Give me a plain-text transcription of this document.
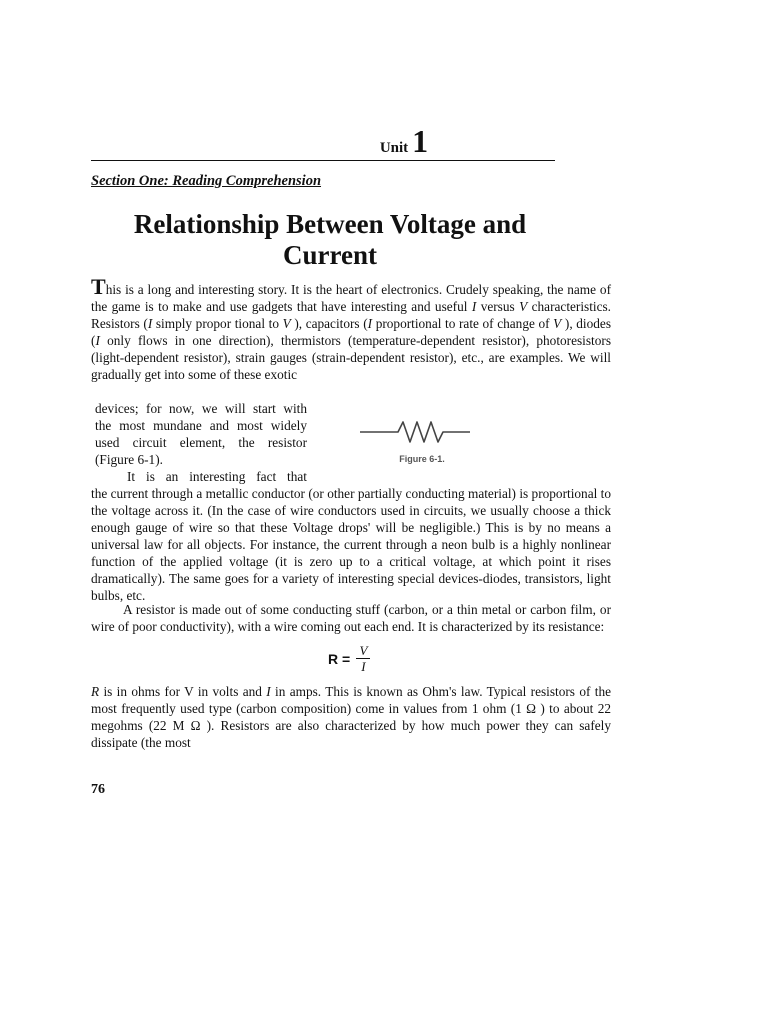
Unit 1
Section One: Reading Comprehension
Relationship Between Voltage and
Current

This is a long and interesting story. It is the heart of electronics. Crudely speaking, the name of the game is to make and use gadgets that have interesting and useful I versus V characteristics. Resistors (I simply propor tional to V ), capacitors (I proportional to rate of change of V ), diodes (I only flows in one direction), thermistors (temperature-dependent resistor), photoresistors (light-dependent resistor), strain gauges (strain-dependent resistor), etc., are examples. We will gradually get into some of these exotic

devices; for now, we will start with

the most mundane and most widely

used circuit element, the resistor

(Figure 6-1).

It is an interesting fact that

Figure 6-1.

the current through a metallic conductor (or other partially conducting material) is proportional to the voltage across it. (In the case of wire conductors used in circuits, we usually choose a thick enough gauge of wire so that these Voltage drops' will be negligible.) This is by no means a universal law for all objects. For instance, the current through a neon bulb is a highly nonlinear function of the applied voltage (it is zero up to a critical voltage, at which point it rises dramatically). The same goes for a variety of interesting special devices-diodes, transistors, light bulbs, etc.

A resistor is made out of some conducting stuff (carbon, or a thin metal or carbon film, or wire of poor conductivity), with a wire coming out each end. It is characterized by its resistance:

$R = \frac{V}{I}$

R is in ohms for V in volts and I in amps. This is known as Ohm's law. Typical resistors of the most frequently used type (carbon composition) come in values from 1 ohm (1 Ω ) to about 22 megohms (22 M Ω ). Resistors are also characterized by how much power they can safely dissipate (the most

76
